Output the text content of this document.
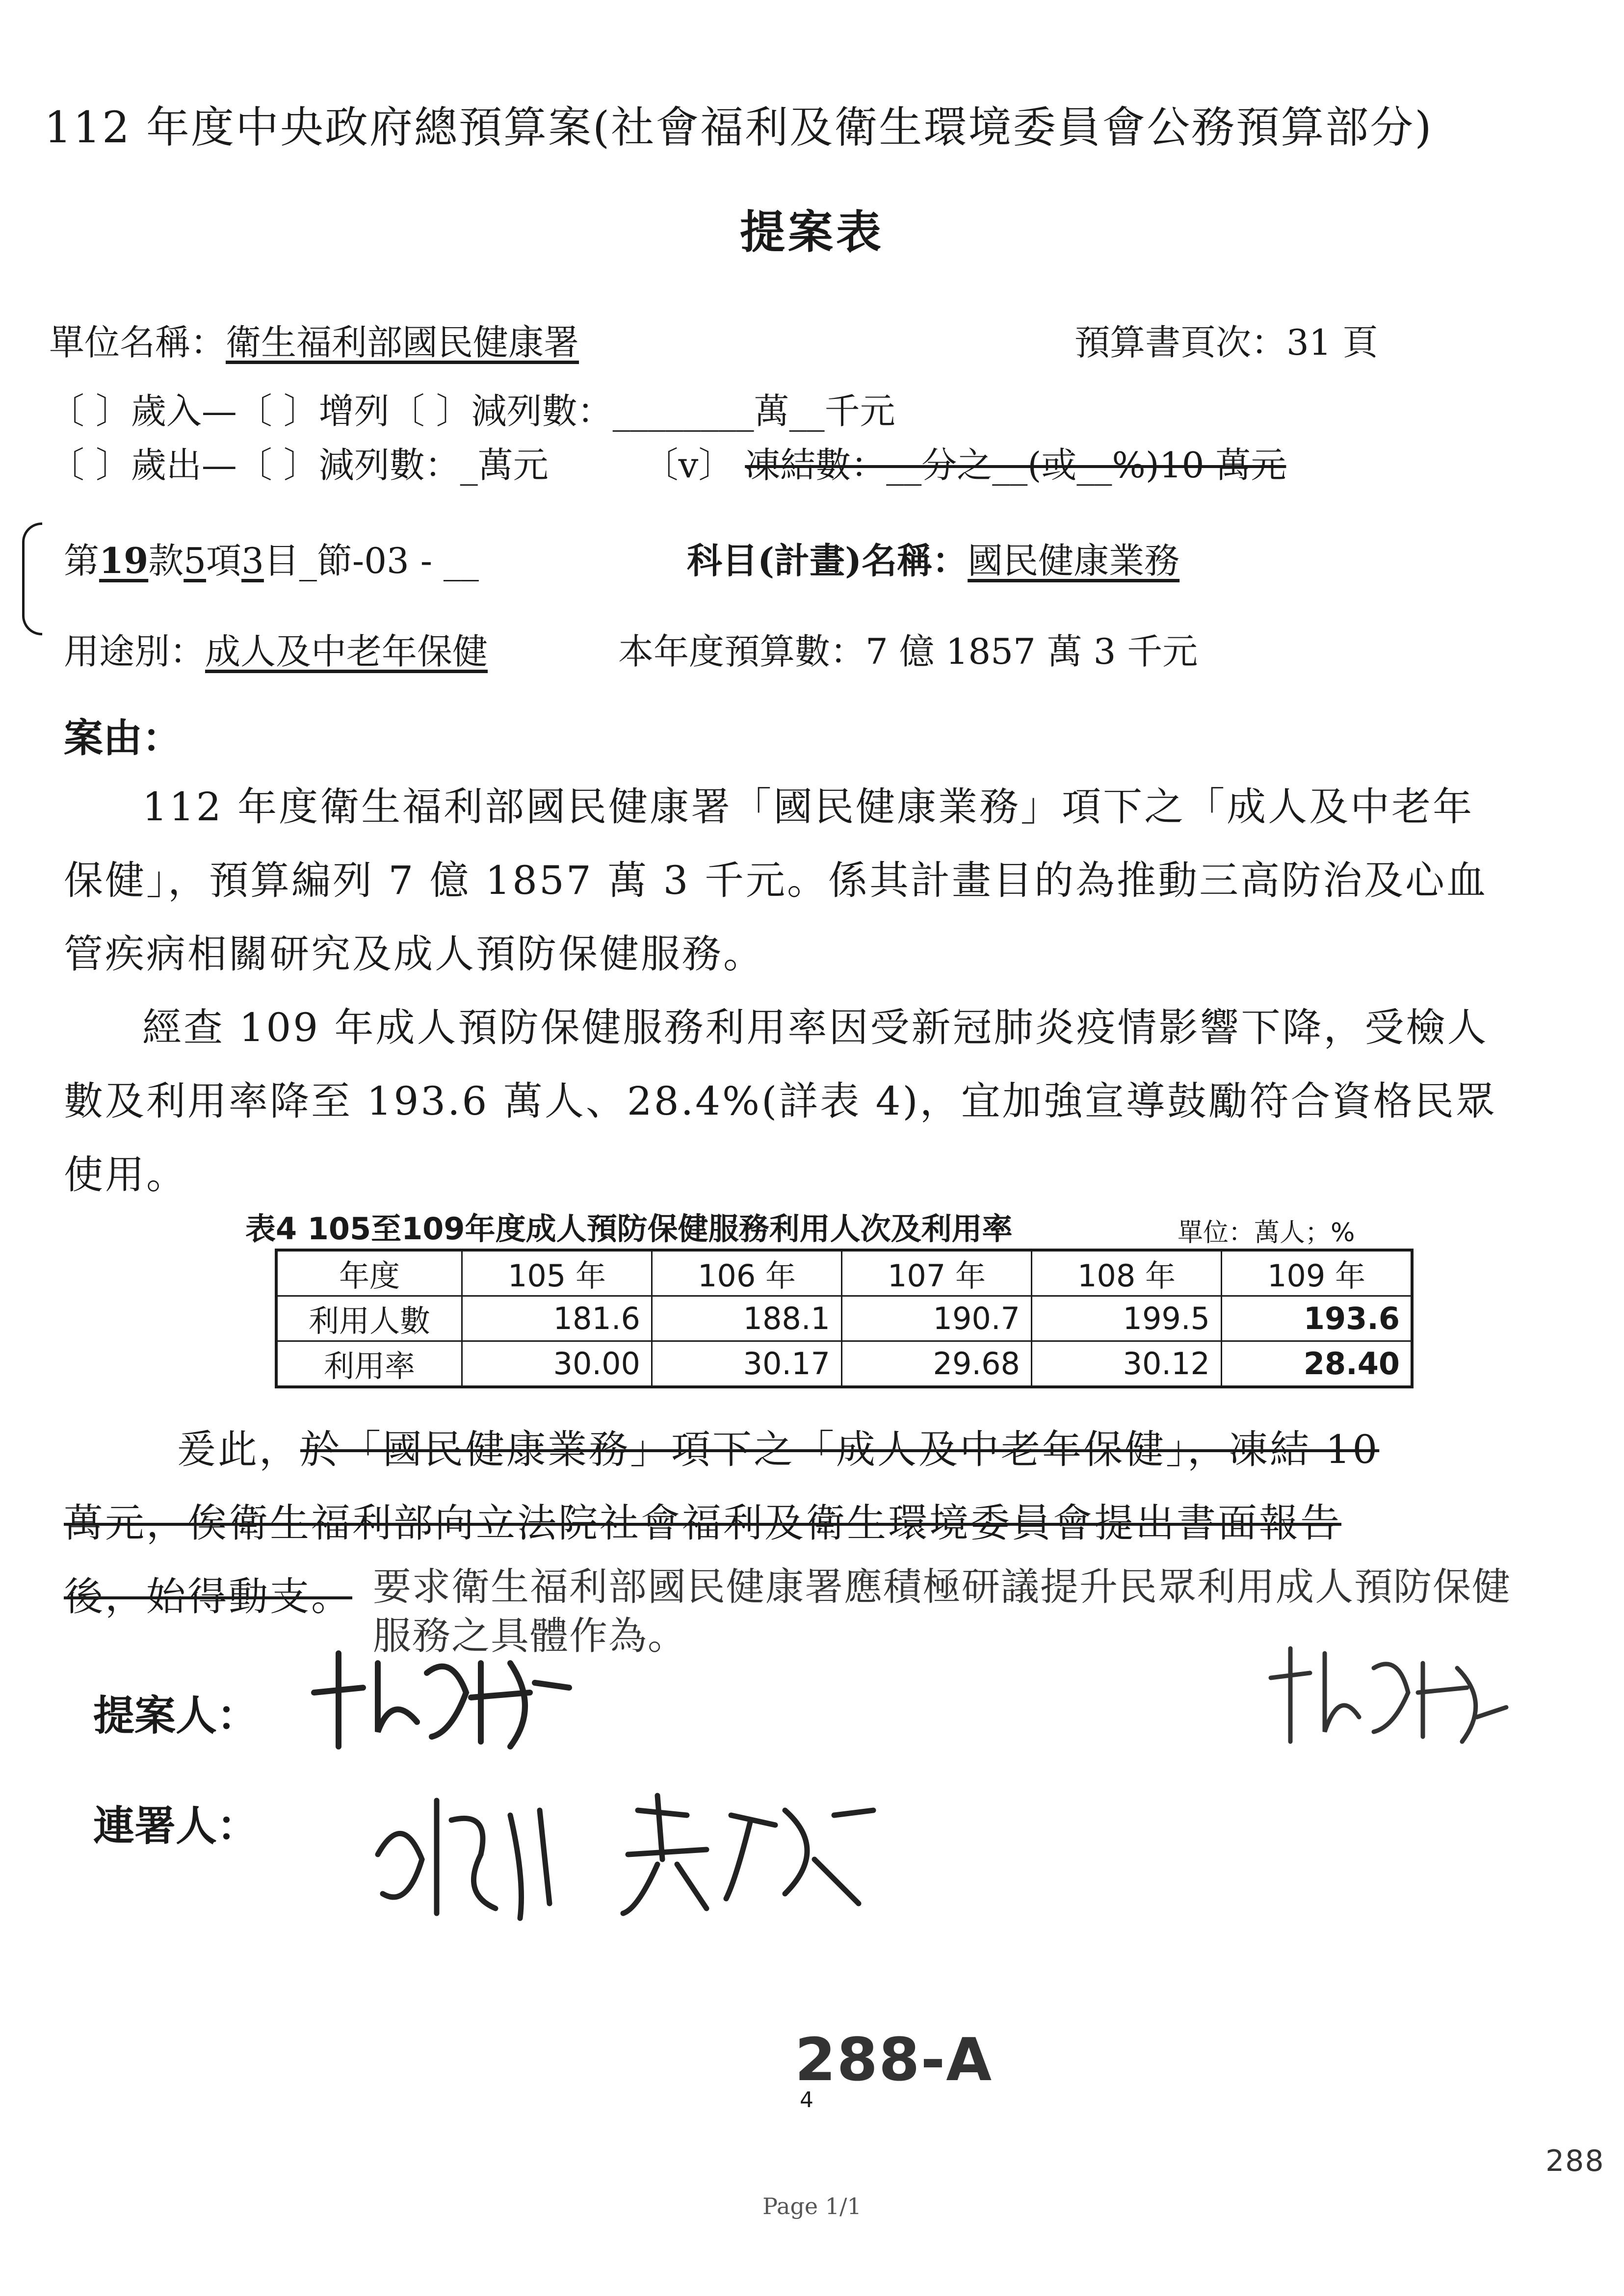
112 年度中央政府總預算案(社會福利及衛生環境委員會公務預算部分)
提案表
單位名稱：衛生福利部國民健康署	預算書頁次：31 頁
〔 〕歲入—〔 〕增列〔 〕減列數：________萬__千元
〔 〕歲出—〔 〕減列數：_萬元	〔v〕 凍結數：__分之__(或__%)10 萬元
第19款5項3目_節-03 - __	科目(計畫)名稱：國民健康業務
用途別：成人及中老年保健	本年度預算數：7 億 1857 萬 3 千元
案由：
112 年度衛生福利部國民健康署「國民健康業務」項下之「成人及中老年保健」，預算編列 7 億 1857 萬 3 千元。係其計畫目的為推動三高防治及心血管疾病相關研究及成人預防保健服務。
經查 109 年成人預防保健服務利用率因受新冠肺炎疫情影響下降，受檢人數及利用率降至 193.6 萬人、28.4%(詳表 4)，宜加強宣導鼓勵符合資格民眾使用。
表4 105至109年度成人預防保健服務利用人次及利用率	單位：萬人；%
年度	105 年	106 年	107 年	108 年	109 年
利用人數	181.6	188.1	190.7	199.5	193.6
利用率	30.00	30.17	29.68	30.12	28.40
爰此，於「國民健康業務」項下之「成人及中老年保健」，凍結 10
萬元，俟衛生福利部向立法院社會福利及衛生環境委員會提出書面報告
後，始得動支。 要求衛生福利部國民健康署應積極研議提升民眾利用成人預防保健服務之具體作為。
提案人：
連署人：
4
288-A
288
Page 1/1
